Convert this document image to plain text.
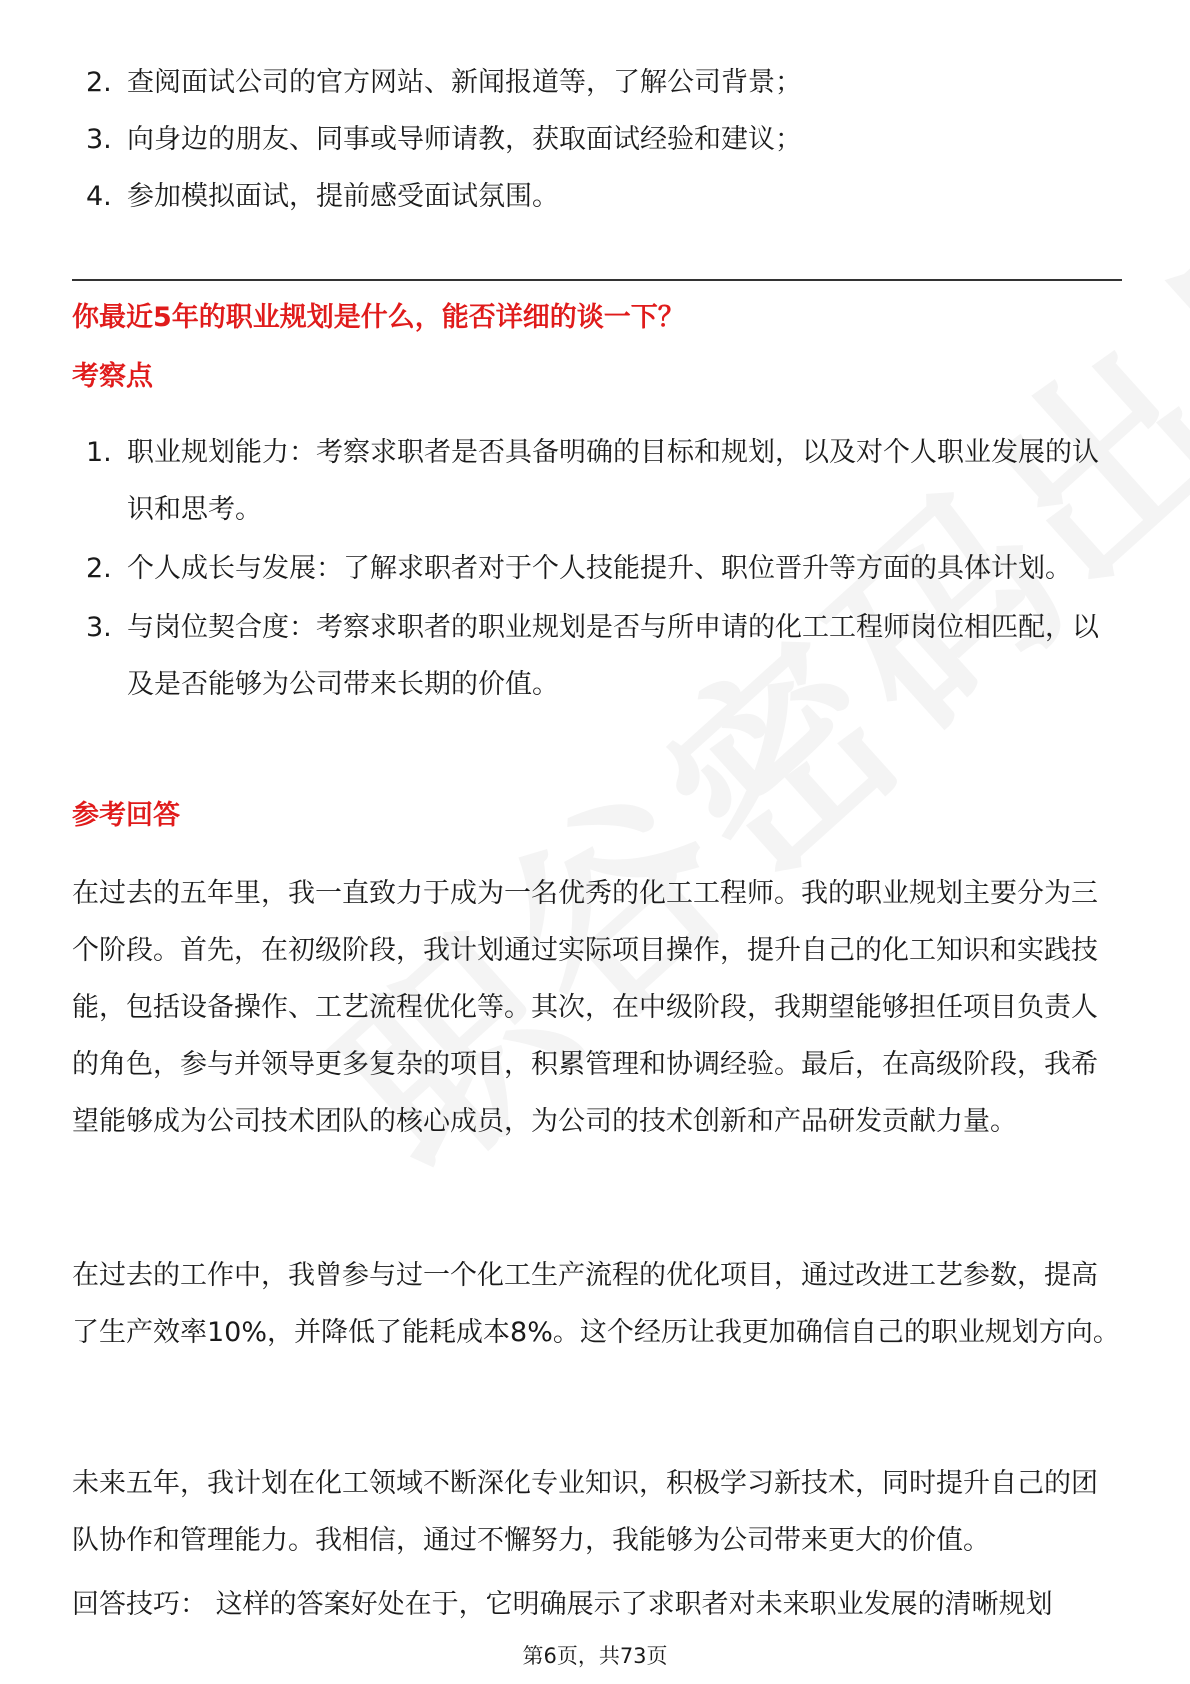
2. 查阅面试公司的官方网站、新闻报道等，了解公司背景；
3. 向身边的朋友、同事或导师请教，获取面试经验和建议；
4. 参加模拟面试，提前感受面试氛围。
你最近5年的职业规划是什么，能否详细的谈一下？
考察点
1. 职业规划能力：考察求职者是否具备明确的目标和规划，以及对个人职业发展的认识和思考。
2. 个人成长与发展：了解求职者对于个人技能提升、职位晋升等方面的具体计划。
3. 与岗位契合度：考察求职者的职业规划是否与所申请的化工工程师岗位相匹配，以及是否能够为公司带来长期的价值。
参考回答

在过去的五年里，我一直致力于成为一名优秀的化工工程师。我的职业规划主要分为三个阶段。首先，在初级阶段，我计划通过实际项目操作，提升自己的化工知识和实践技能，包括设备操作、工艺流程优化等。其次，在中级阶段，我期望能够担任项目负责人的角色，参与并领导更多复杂的项目，积累管理和协调经验。最后，在高级阶段，我希望能够成为公司技术团队的核心成员，为公司的技术创新和产品研发贡献力量。

在过去的工作中，我曾参与过一个化工生产流程的优化项目，通过改进工艺参数，提高了生产效率10%，并降低了能耗成本8%。这个经历让我更加确信自己的职业规划方向。

未来五年，我计划在化工领域不断深化专业知识，积极学习新技术，同时提升自己的团队协作和管理能力。我相信，通过不懈努力，我能够为公司带来更大的价值。

回答技巧： 这样的答案好处在于，它明确展示了求职者对未来职业发展的清晰规划

第6页，共73页
